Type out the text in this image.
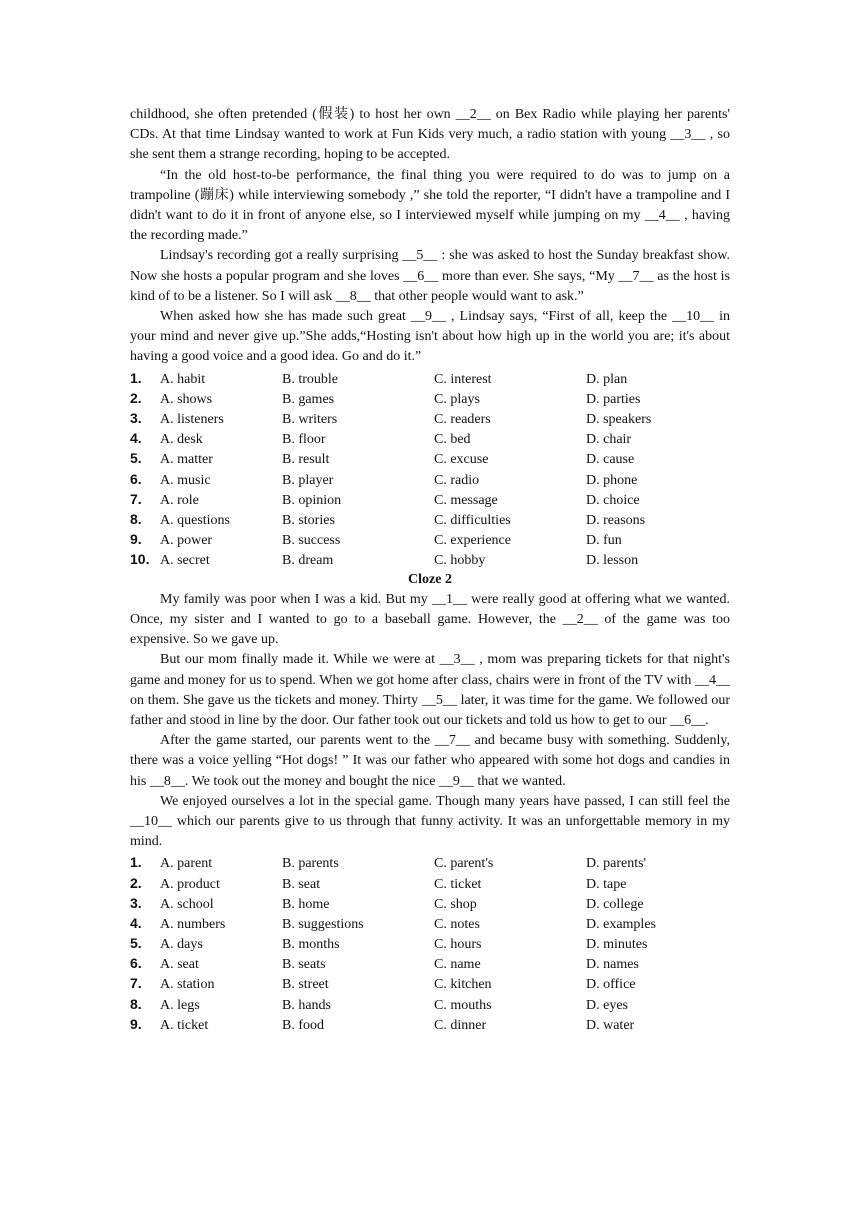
childhood, she often pretended (假装) to host her own __2__ on Bex Radio while playing her parents' CDs. At that time Lindsay wanted to work at Fun Kids very much, a radio station with young __3__ , so she sent them a strange recording, hoping to be accepted.

“In the old host-to-be performance, the final thing you were required to do was to jump on a trampoline (蹦床) while interviewing somebody ,” she told the reporter, “I didn't have a trampoline and I didn't want to do it in front of anyone else, so I interviewed myself while jumping on my __4__ , having the recording made.”

Lindsay's recording got a really surprising __5__ : she was asked to host the Sunday breakfast show. Now she hosts a popular program and she loves __6__ more than ever. She says, “My __7__ as the host is kind of to be a listener. So I will ask __8__ that other people would want to ask.”

When asked how she has made such great __9__ , Lindsay says, “First of all, keep the __10__ in your mind and never give up.”She adds,“Hosting isn't about how high up in the world you are; it's about having a good voice and a good idea. Go and do it.”

1.	A. habit	B. trouble	C. interest	D. plan
2.	A. shows	B. games	C. plays	D. parties
3.	A. listeners	B. writers	C. readers	D. speakers
4.	A. desk	B. floor	C. bed	D. chair
5.	A. matter	B. result	C. excuse	D. cause
6.	A. music	B. player	C. radio	D. phone
7.	A. role	B. opinion	C. message	D. choice
8.	A. questions	B. stories	C. difficulties	D. reasons
9.	A. power	B. success	C. experience	D. fun
10. A. secret	B. dream	C. hobby	D. lesson

Cloze 2

My family was poor when I was a kid. But my __1__ were really good at offering what we wanted. Once, my sister and I wanted to go to a baseball game. However, the __2__ of the game was too expensive. So we gave up.

But our mom finally made it. While we were at __3__ , mom was preparing tickets for that night's game and money for us to spend. When we got home after class, chairs were in front of the TV with __4__ on them. She gave us the tickets and money. Thirty __5__ later, it was time for the game. We followed our father and stood in line by the door. Our father took out our tickets and told us how to get to our __6__.

After the game started, our parents went to the __7__ and became busy with something. Suddenly, there was a voice yelling “Hot dogs! ” It was our father who appeared with some hot dogs and candies in his __8__. We took out the money and bought the nice __9__ that we wanted.

We enjoyed ourselves a lot in the special game. Though many years have passed, I can still feel the __10__ which our parents give to us through that funny activity. It was an unforgettable memory in my mind.

1.	A. parent	B. parents	C. parent's	D. parents'
2.	A. product	B. seat	C. ticket	D. tape
3.	A. school	B. home	C. shop	D. college
4.	A. numbers	B. suggestions	C. notes	D. examples
5.	A. days	B. months	C. hours	D. minutes
6.	A. seat	B. seats	C. name	D. names
7.	A. station	B. street	C. kitchen	D. office
8.	A. legs	B. hands	C. mouths	D. eyes
9.	A. ticket	B. food	C. dinner	D. water
